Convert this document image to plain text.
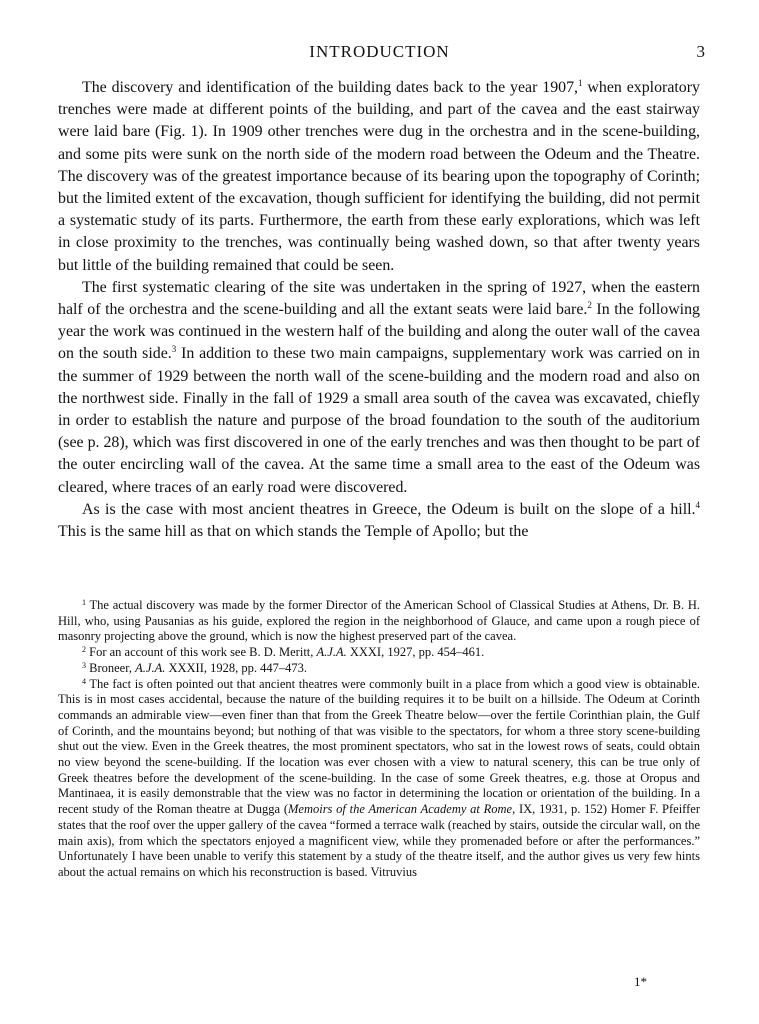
INTRODUCTION	3

The discovery and identification of the building dates back to the year 1907,$^1$ when exploratory trenches were made at different points of the building, and part of the cavea and the east stairway were laid bare (Fig. 1). In 1909 other trenches were dug in the orchestra and in the scene-building, and some pits were sunk on the north side of the modern road between the Odeum and the Theatre. The discovery was of the greatest importance because of its bearing upon the topography of Corinth; but the limited extent of the excavation, though sufficient for identifying the building, did not permit a systematic study of its parts. Furthermore, the earth from these early explorations, which was left in close proximity to the trenches, was continually being washed down, so that after twenty years but little of the building remained that could be seen.

The first systematic clearing of the site was undertaken in the spring of 1927, when the eastern half of the orchestra and the scene-building and all the extant seats were laid bare.$^2$ In the following year the work was continued in the western half of the building and along the outer wall of the cavea on the south side.$^3$ In addition to these two main campaigns, supplementary work was carried on in the summer of 1929 between the north wall of the scene-building and the modern road and also on the northwest side. Finally in the fall of 1929 a small area south of the cavea was excavated, chiefly in order to establish the nature and purpose of the broad foundation to the south of the auditorium (see p. 28), which was first discovered in one of the early trenches and was then thought to be part of the outer encircling wall of the cavea. At the same time a small area to the east of the Odeum was cleared, where traces of an early road were discovered.

As is the case with most ancient theatres in Greece, the Odeum is built on the slope of a hill.$^4$ This is the same hill as that on which stands the Temple of Apollo; but the

$^1$ The actual discovery was made by the former Director of the American School of Classical Studies at Athens, Dr. B. H. Hill, who, using Pausanias as his guide, explored the region in the neighborhood of Glauce, and came upon a rough piece of masonry projecting above the ground, which is now the highest preserved part of the cavea.

$^2$ For an account of this work see B. D. Meritt, A.J.A. XXXI, 1927, pp. 454–461.

$^3$ Broneer, A.J.A. XXXII, 1928, pp. 447–473.

$^4$ The fact is often pointed out that ancient theatres were commonly built in a place from which a good view is obtainable. This is in most cases accidental, because the nature of the building requires it to be built on a hillside. The Odeum at Corinth commands an admirable view—even finer than that from the Greek Theatre below—over the fertile Corinthian plain, the Gulf of Corinth, and the mountains beyond; but nothing of that was visible to the spectators, for whom a three story scene-building shut out the view. Even in the Greek theatres, the most prominent spectators, who sat in the lowest rows of seats, could obtain no view beyond the scene-building. If the location was ever chosen with a view to natural scenery, this can be true only of Greek theatres before the development of the scene-building. In the case of some Greek theatres, e.g. those at Oropus and Mantinaea, it is easily demonstrable that the view was no factor in determining the location or orientation of the building. In a recent study of the Roman theatre at Dugga (Memoirs of the American Academy at Rome, IX, 1931, p. 152) Homer F. Pfeiffer states that the roof over the upper gallery of the cavea “formed a terrace walk (reached by stairs, outside the circular wall, on the main axis), from which the spectators enjoyed a magnificent view, while they promenaded before or after the performances.” Unfortunately I have been unable to verify this statement by a study of the theatre itself, and the author gives us very few hints about the actual remains on which his reconstruction is based. Vitruvius

1*
